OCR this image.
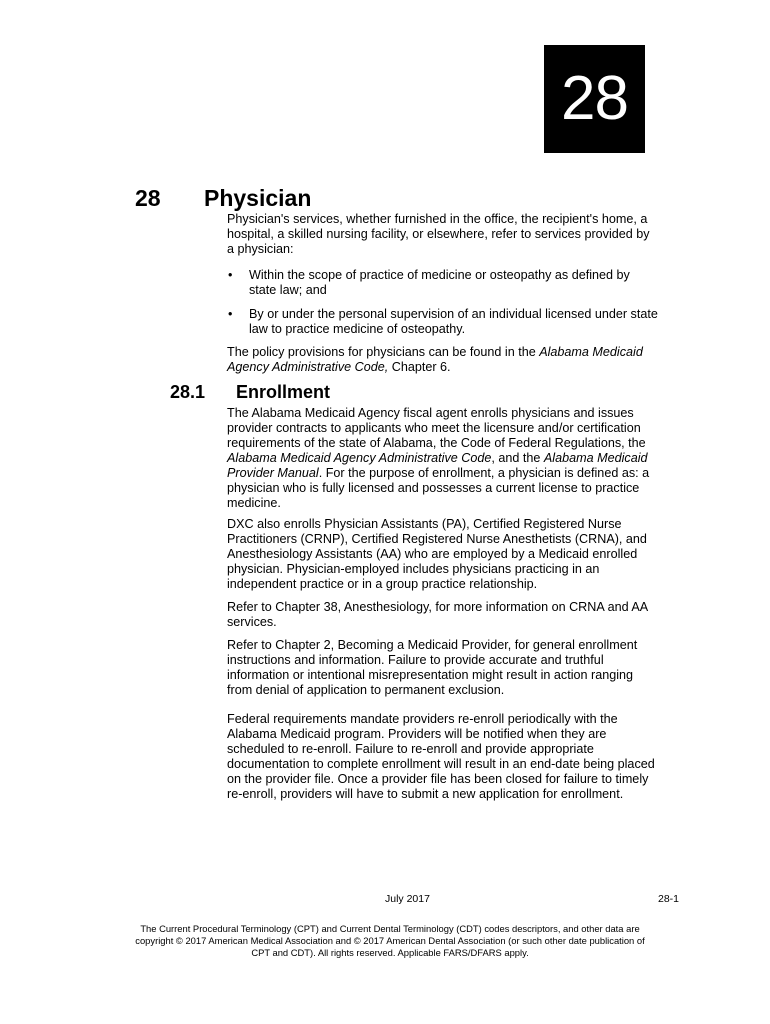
28
28 Physician

Physician's services, whether furnished in the office, the recipient's home, a hospital, a skilled nursing facility, or elsewhere, refer to services provided by a physician:

• Within the scope of practice of medicine or osteopathy as defined by state law; and

• By or under the personal supervision of an individual licensed under state law to practice medicine of osteopathy.

The policy provisions for physicians can be found in the Alabama Medicaid Agency Administrative Code, Chapter 6.

28.1 Enrollment

The Alabama Medicaid Agency fiscal agent enrolls physicians and issues provider contracts to applicants who meet the licensure and/or certification requirements of the state of Alabama, the Code of Federal Regulations, the Alabama Medicaid Agency Administrative Code, and the Alabama Medicaid Provider Manual. For the purpose of enrollment, a physician is defined as: a physician who is fully licensed and possesses a current license to practice medicine.

DXC also enrolls Physician Assistants (PA), Certified Registered Nurse Practitioners (CRNP), Certified Registered Nurse Anesthetists (CRNA), and Anesthesiology Assistants (AA) who are employed by a Medicaid enrolled physician. Physician-employed includes physicians practicing in an independent practice or in a group practice relationship.

Refer to Chapter 38, Anesthesiology, for more information on CRNA and AA services.

Refer to Chapter 2, Becoming a Medicaid Provider, for general enrollment instructions and information. Failure to provide accurate and truthful information or intentional misrepresentation might result in action ranging from denial of application to permanent exclusion.

Federal requirements mandate providers re-enroll periodically with the Alabama Medicaid program. Providers will be notified when they are scheduled to re-enroll. Failure to re-enroll and provide appropriate documentation to complete enrollment will result in an end-date being placed on the provider file. Once a provider file has been closed for failure to timely re-enroll, providers will have to submit a new application for enrollment.

July 2017	28-1

The Current Procedural Terminology (CPT) and Current Dental Terminology (CDT) codes descriptors, and other data are copyright © 2017 American Medical Association and © 2017 American Dental Association (or such other date publication of CPT and CDT). All rights reserved. Applicable FARS/DFARS apply.
